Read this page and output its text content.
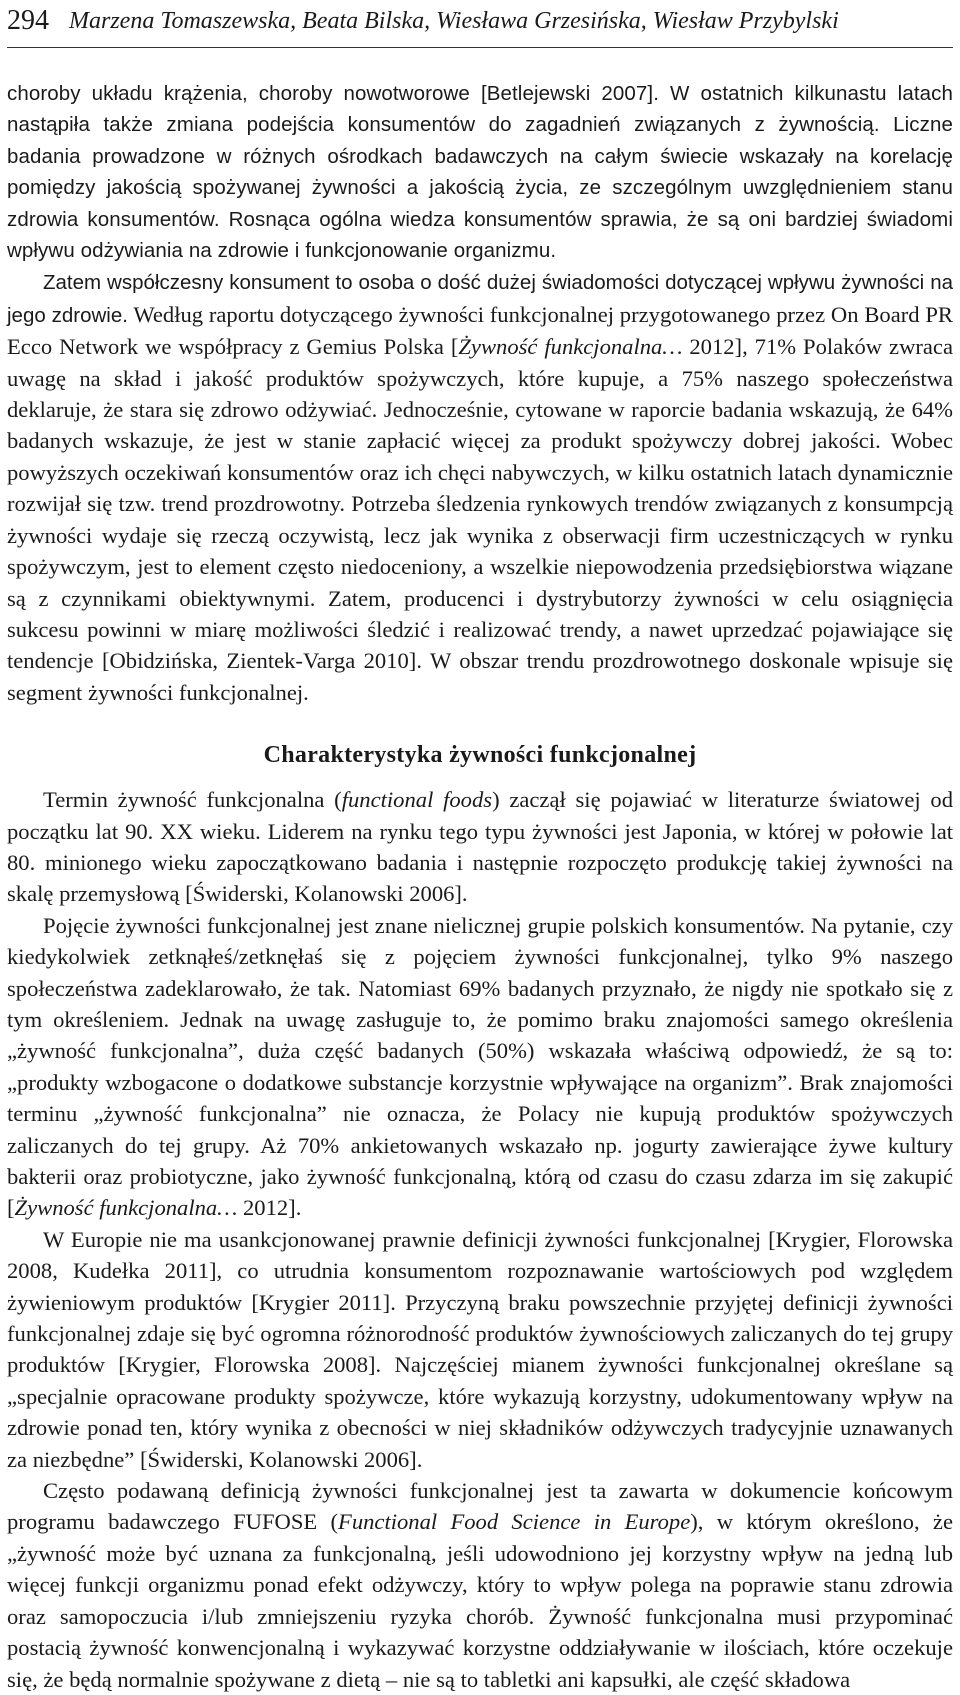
294 Marzena Tomaszewska, Beata Bilska, Wiesława Grzesińska, Wiesław Przybylski

choroby układu krążenia, choroby nowotworowe [Betlejewski 2007]. W ostatnich kilkunastu latach nastąpiła także zmiana podejścia konsumentów do zagadnień związanych z żywnością. Liczne badania prowadzone w różnych ośrodkach badawczych na całym świecie wskazały na korelację pomiędzy jakością spożywanej żywności a jakością życia, ze szczególnym uwzględnieniem stanu zdrowia konsumentów. Rosnąca ogólna wiedza konsumentów sprawia, że są oni bardziej świadomi wpływu odżywiania na zdrowie i funkcjonowanie organizmu.

Zatem współczesny konsument to osoba o dość dużej świadomości dotyczącej wpływu żywności na jego zdrowie. Według raportu dotyczącego żywności funkcjonalnej przygotowanego przez On Board PR Ecco Network we współpracy z Gemius Polska [Żywność funkcjonalna… 2012], 71% Polaków zwraca uwagę na skład i jakość produktów spożywczych, które kupuje, a 75% naszego społeczeństwa deklaruje, że stara się zdrowo odżywiać. Jednocześnie, cytowane w raporcie badania wskazują, że 64% badanych wskazuje, że jest w stanie zapłacić więcej za produkt spożywczy dobrej jakości. Wobec powyższych oczekiwań konsumentów oraz ich chęci nabywczych, w kilku ostatnich latach dynamicznie rozwijał się tzw. trend prozdrowotny. Potrzeba śledzenia rynkowych trendów związanych z konsumpcją żywności wydaje się rzeczą oczywistą, lecz jak wynika z obserwacji firm uczestniczących w rynku spożywczym, jest to element często niedoceniony, a wszelkie niepowodzenia przedsiębiorstwa wiązane są z czynnikami obiektywnymi. Zatem, producenci i dystrybutorzy żywności w celu osiągnięcia sukcesu powinni w miarę możliwości śledzić i realizować trendy, a nawet uprzedzać pojawiające się tendencje [Obidzińska, Zientek-Varga 2010]. W obszar trendu prozdrowotnego doskonale wpisuje się segment żywności funkcjonalnej.

Charakterystyka żywności funkcjonalnej

Termin żywność funkcjonalna (functional foods) zaczął się pojawiać w literaturze światowej od początku lat 90. XX wieku. Liderem na rynku tego typu żywności jest Japonia, w której w połowie lat 80. minionego wieku zapoczątkowano badania i następnie rozpoczęto produkcję takiej żywności na skalę przemysłową [Świderski, Kolanowski 2006].

Pojęcie żywności funkcjonalnej jest znane nielicznej grupie polskich konsumentów. Na pytanie, czy kiedykolwiek zetknąłeś/zetknęłaś się z pojęciem żywności funkcjonalnej, tylko 9% naszego społeczeństwa zadeklarowało, że tak. Natomiast 69% badanych przyznało, że nigdy nie spotkało się z tym określeniem. Jednak na uwagę zasługuje to, że pomimo braku znajomości samego określenia „żywność funkcjonalna”, duża część badanych (50%) wskazała właściwą odpowiedź, że są to: „produkty wzbogacone o dodatkowe substancje korzystnie wpływające na organizm”. Brak znajomości terminu „żywność funkcjonalna” nie oznacza, że Polacy nie kupują produktów spożywczych zaliczanych do tej grupy. Aż 70% ankietowanych wskazało np. jogurty zawierające żywe kultury bakterii oraz probiotyczne, jako żywność funkcjonalną, którą od czasu do czasu zdarza im się zakupić [Żywność funkcjonalna… 2012].

W Europie nie ma usankcjonowanej prawnie definicji żywności funkcjonalnej [Krygier, Florowska 2008, Kudełka 2011], co utrudnia konsumentom rozpoznawanie wartościowych pod względem żywieniowym produktów [Krygier 2011]. Przyczyną braku powszechnie przyjętej definicji żywności funkcjonalnej zdaje się być ogromna różnorodność produktów żywnościowych zaliczanych do tej grupy produktów [Krygier, Florowska 2008]. Najczęściej mianem żywności funkcjonalnej określane są „specjalnie opracowane produkty spożywcze, które wykazują korzystny, udokumentowany wpływ na zdrowie ponad ten, który wynika z obecności w niej składników odżywczych tradycyjnie uznawanych za niezbędne” [Świderski, Kolanowski 2006].

Często podawaną definicją żywności funkcjonalnej jest ta zawarta w dokumencie końcowym programu badawczego FUFOSE (Functional Food Science in Europe), w którym określono, że „żywność może być uznana za funkcjonalną, jeśli udowodniono jej korzystny wpływ na jedną lub więcej funkcji organizmu ponad efekt odżywczy, który to wpływ polega na poprawie stanu zdrowia oraz samopoczucia i/lub zmniejszeniu ryzyka chorób. Żywność funkcjonalna musi przypominać postacią żywność konwencjonalną i wykazywać korzystne oddziaływanie w ilościach, które oczekuje się, że będą normalnie spożywane z dietą – nie są to tabletki ani kapsułki, ale część składowa
